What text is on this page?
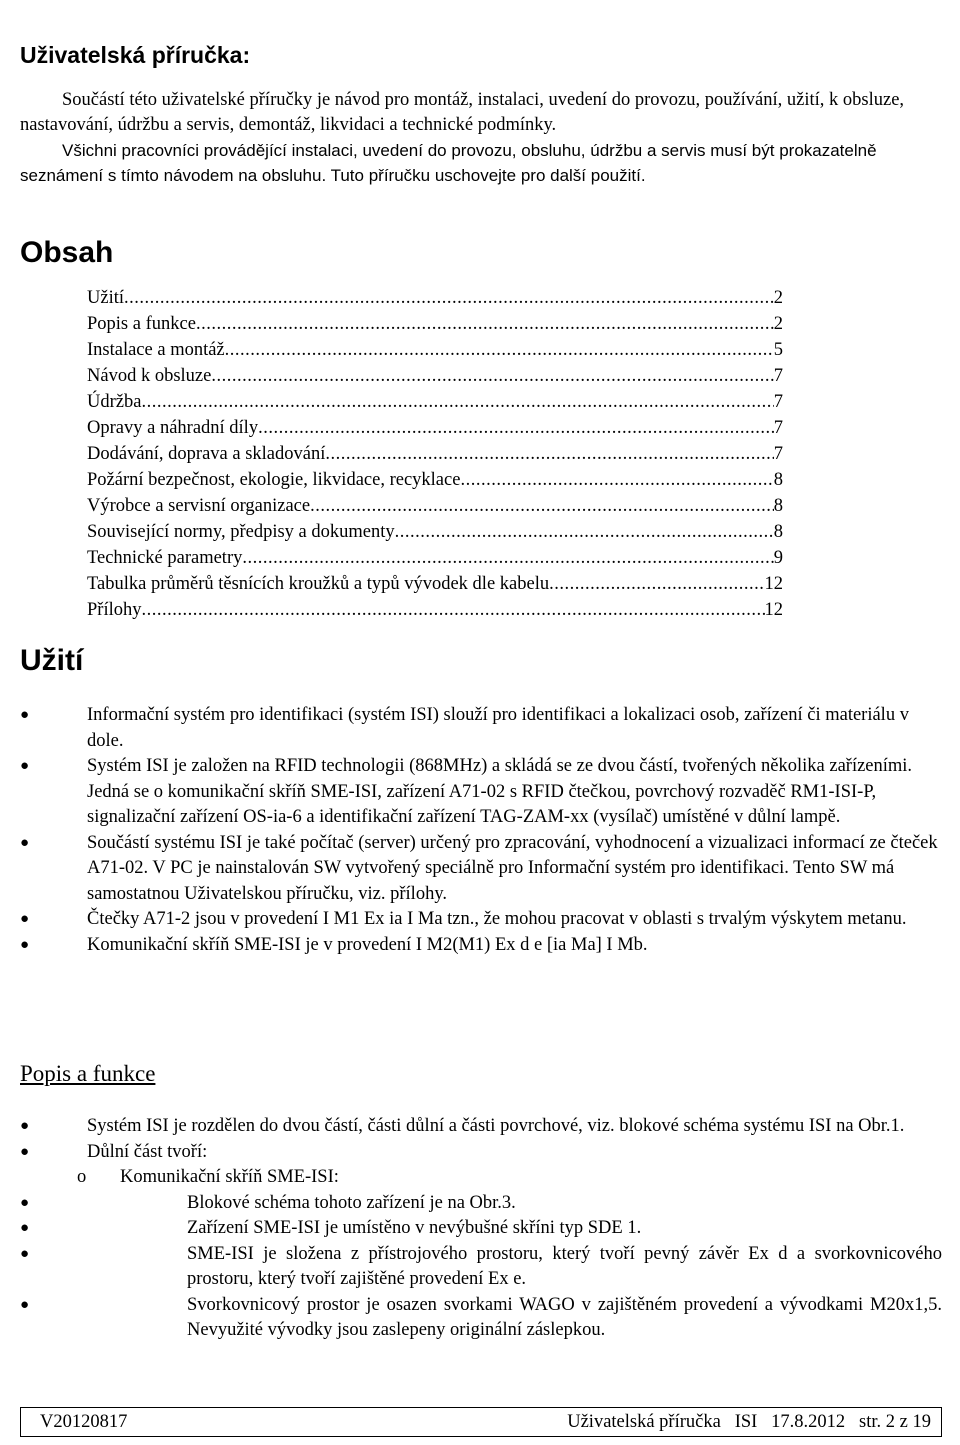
Uživatelská příručka:

Součástí této uživatelské příručky je návod pro montáž, instalaci, uvedení do provozu, používání, užití, k obsluze, nastavování, údržbu a servis, demontáž, likvidaci a technické podmínky.

Všichni pracovníci provádějící instalaci, uvedení do provozu, obsluhu, údržbu a servis musí být prokazatelně seznámení s tímto návodem na obsluhu. Tuto příručku uschovejte pro další použití.

Obsah
Užití .....	2
Popis a funkce .....	2
Instalace a montáž .....	5
Návod k obsluze .....	7
Údržba .....	7
Opravy a náhradní díly .....	7
Dodávání, doprava a skladování .....	7
Požární bezpečnost, ekologie, likvidace, recyklace .....	8
Výrobce a servisní organizace .....	8
Související normy, předpisy a dokumenty .....	8
Technické parametry .....	9
Tabulka průměrů těsnících kroužků a typů vývodek dle kabelu .....	12
Přílohy .....	12
Užití
●	Informační systém pro identifikaci (systém ISI) slouží pro identifikaci a lokalizaci osob, zařízení či materiálu v dole.
●	Systém ISI je založen na RFID technologii (868MHz) a skládá se ze dvou částí, tvořených několika zařízeními. Jedná se o komunikační skříň SME-ISI, zařízení A71-02 s RFID čtečkou, povrchový rozvaděč RM1-ISI-P, signalizační zařízení OS-ia-6 a identifikační zařízení TAG-ZAM-xx (vysílač) umístěné v důlní lampě.
●	Součástí systému ISI je také počítač (server) určený pro zpracování, vyhodnocení a vizualizaci informací ze čteček A71-02. V PC je nainstalován SW vytvořený speciálně pro Informační systém pro identifikaci. Tento SW má samostatnou Uživatelskou příručku, viz. přílohy.
●	Čtečky A71-2 jsou v provedení I M1 Ex ia I Ma tzn., že mohou pracovat v oblasti s trvalým výskytem metanu.
●	Komunikační skříň SME-ISI je v provedení I M2(M1) Ex d e [ia Ma] I Mb.
Popis a funkce
●	Systém ISI je rozdělen do dvou částí, části důlní a části povrchové, viz. blokové schéma systému ISI na Obr.1.
●	Důlní část tvoří:
o Komunikační skříň SME-ISI:
●	Blokové schéma tohoto zařízení je na Obr.3.
●	Zařízení SME-ISI je umístěno v nevýbušné skříni typ SDE 1.
●	SME-ISI je složena z přístrojového prostoru, který tvoří pevný závěr Ex d a svorkovnicového prostoru, který tvoří zajištěné provedení Ex e.
●	Svorkovnicový prostor je osazen svorkami WAGO v zajištěném provedení a vývodkami M20x1,5. Nevyužité vývodky jsou zaslepeny originální záslepkou.
V20120817	Uživatelská příručka   ISI   17.8.2012   str. 2 z 19
